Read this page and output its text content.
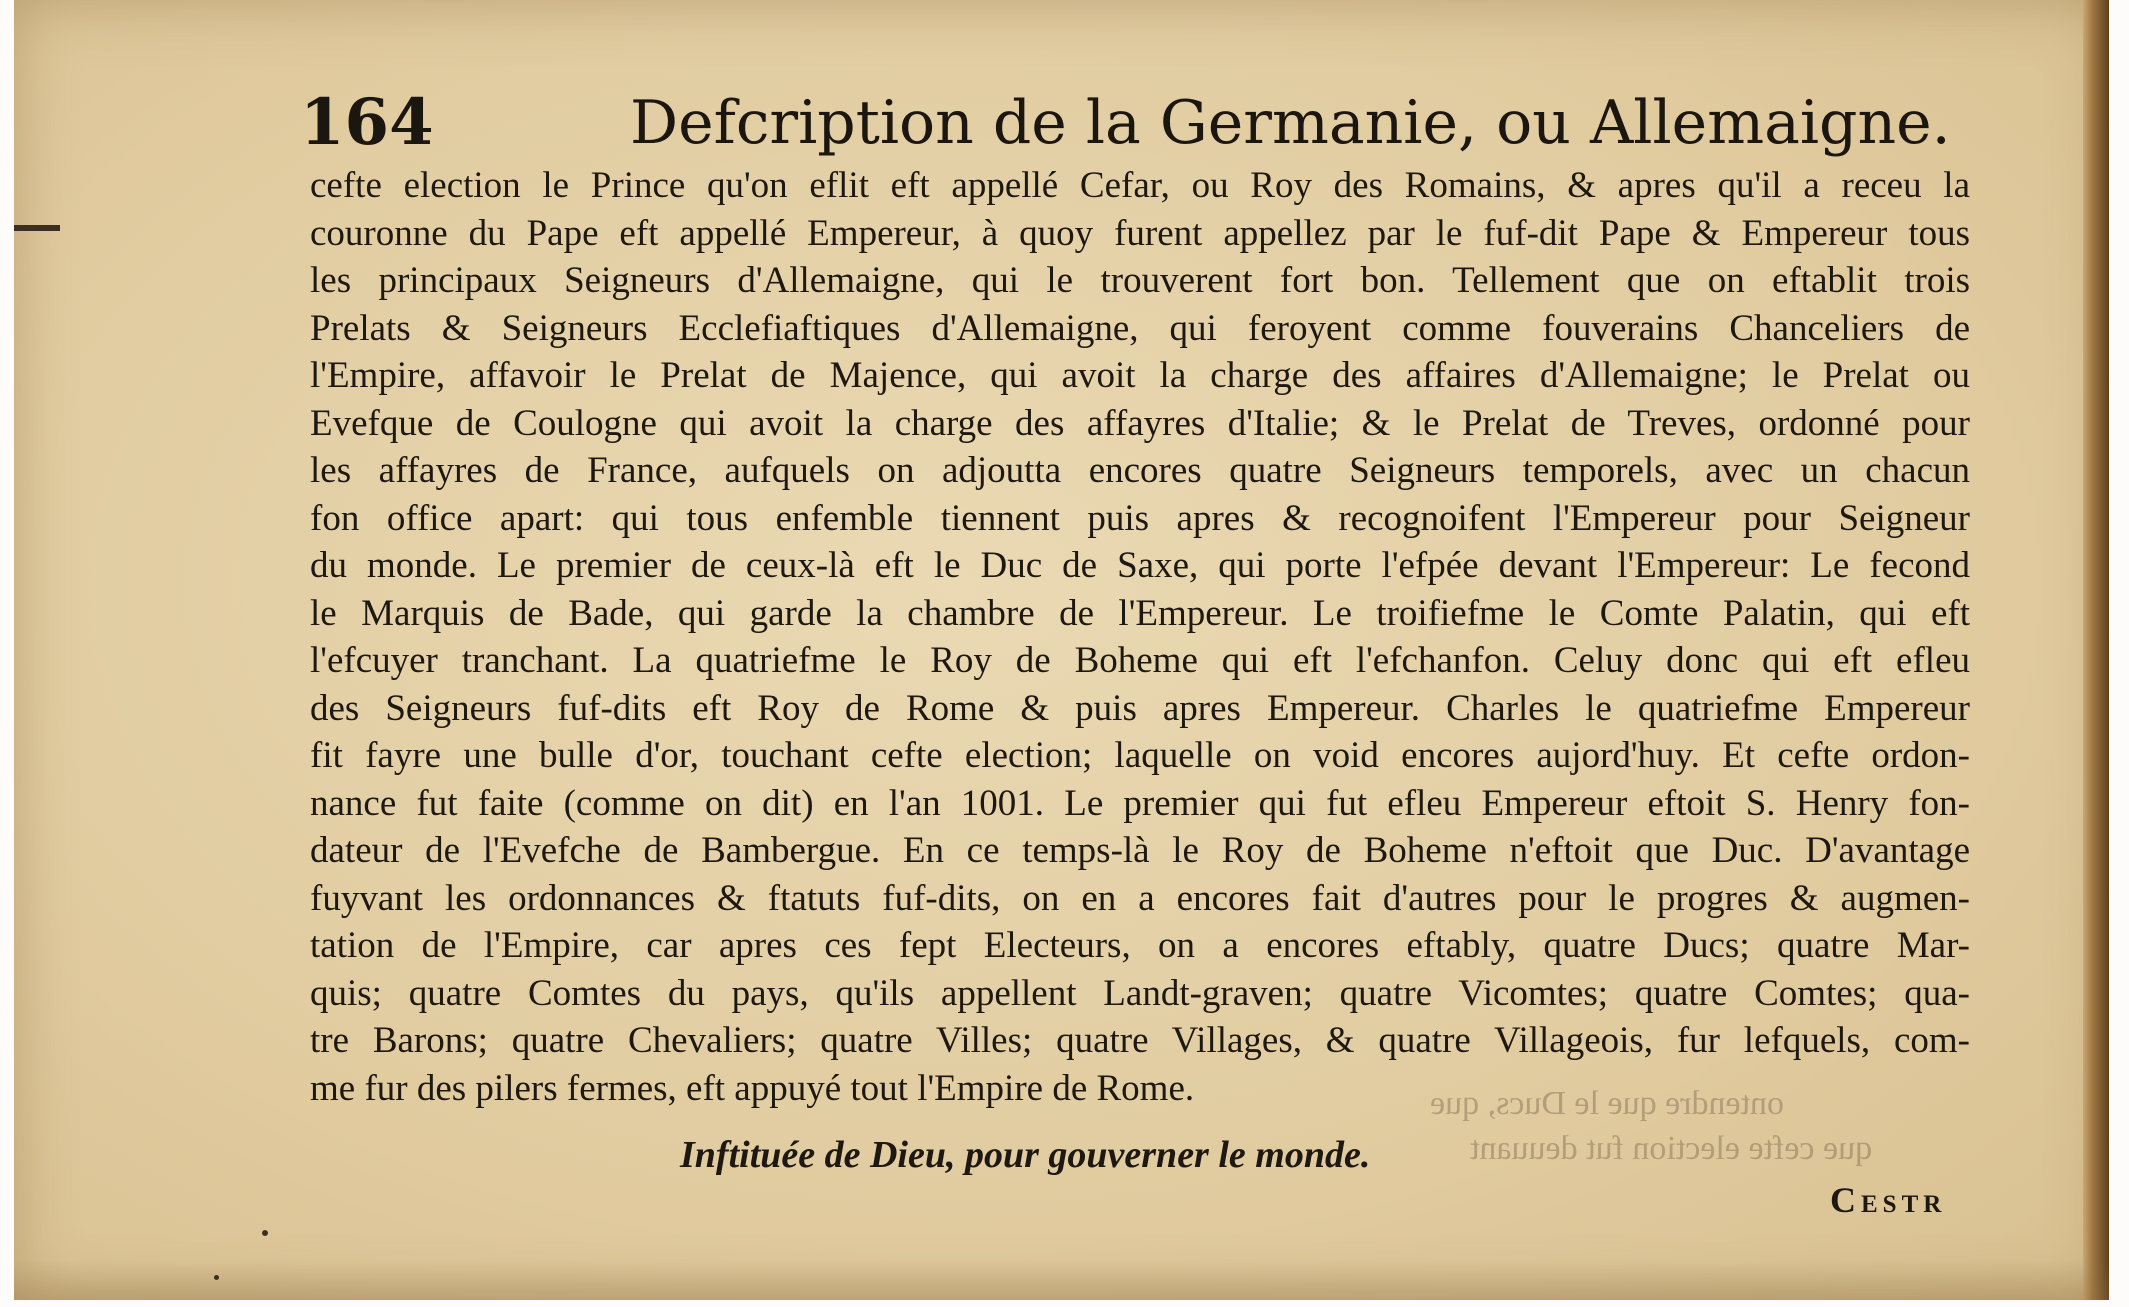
ontendre que le Ducs, que
que cefte election fut deuuant
164	Defcription de la Germanie, ou Allemaigne.
cefte election le Prince qu'on eflit eft appellé Cefar, ou Roy des Romains, & apres qu'il a receu la
couronne du Pape eft appellé Empereur, à quoy furent appellez par le fuf-dit Pape & Empereur tous
les principaux Seigneurs d'Allemaigne, qui le trouverent fort bon. Tellement que on eftablit trois
Prelats & Seigneurs Ecclefiaftiques d'Allemaigne, qui feroyent comme fouverains Chanceliers de
l'Empire, affavoir le Prelat de Majence, qui avoit la charge des affaires d'Allemaigne; le Prelat ou
Evefque de Coulogne qui avoit la charge des affayres d'Italie; & le Prelat de Treves, ordonné pour
les affayres de France, aufquels on adjoutta encores quatre Seigneurs temporels, avec un chacun
fon office apart: qui tous enfemble tiennent puis apres & recognoifent l'Empereur pour Seigneur
du monde. Le premier de ceux-là eft le Duc de Saxe, qui porte l'efpée devant l'Empereur: Le fecond
le Marquis de Bade, qui garde la chambre de l'Empereur. Le troifiefme le Comte Palatin, qui eft
l'efcuyer tranchant. La quatriefme le Roy de Boheme qui eft l'efchanfon. Celuy donc qui eft efleu
des Seigneurs fuf-dits eft Roy de Rome & puis apres Empereur. Charles le quatriefme Empereur
fit fayre une bulle d'or, touchant cefte election; laquelle on void encores aujord'huy. Et cefte ordon-
nance fut faite (comme on dit) en l'an 1001. Le premier qui fut efleu Empereur eftoit S. Henry fon-
dateur de l'Evefche de Bambergue. En ce temps-là le Roy de Boheme n'eftoit que Duc. D'avantage
fuyvant les ordonnances & ftatuts fuf-dits, on en a encores fait d'autres pour le progres & augmen-
tation de l'Empire, car apres ces fept Electeurs, on a encores eftably, quatre Ducs; quatre Mar-
quis; quatre Comtes du pays, qu'ils appellent Landt-graven; quatre Vicomtes; quatre Comtes; qua-
tre Barons; quatre Chevaliers; quatre Villes; quatre Villages, & quatre Villageois, fur lefquels, com-
me fur des pilers fermes, eft appuyé tout l'Empire de Rome.
Inftituée de Dieu, pour gouverner le monde.
Cestr
